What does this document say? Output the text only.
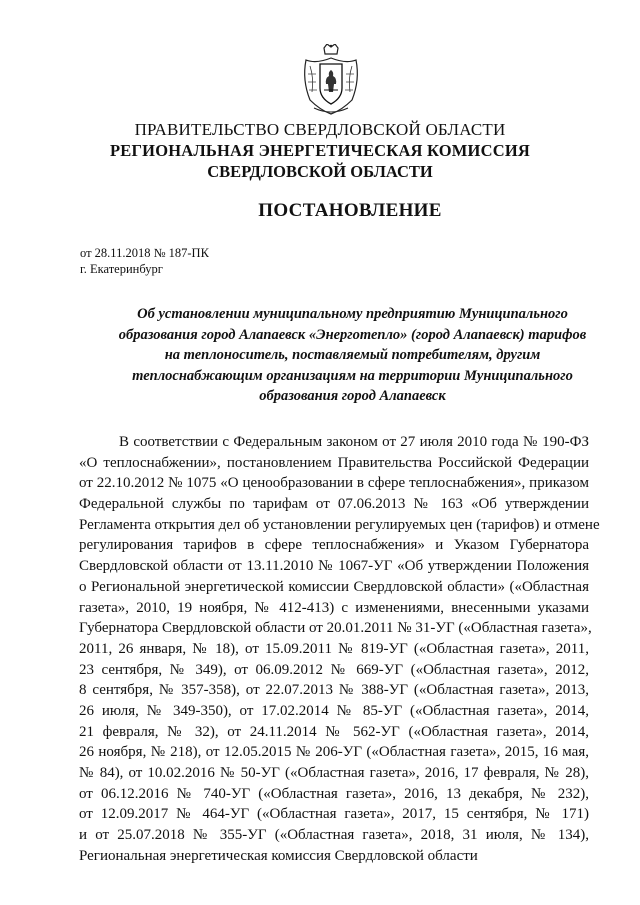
ПРАВИТЕЛЬСТВО СВЕРДЛОВСКОЙ ОБЛАСТИ
РЕГИОНАЛЬНАЯ ЭНЕРГЕТИЧЕСКАЯ КОМИССИЯ
СВЕРДЛОВСКОЙ ОБЛАСТИ
ПОСТАНОВЛЕНИЕ
от 28.11.2018 № 187-ПК
г. Екатеринбург
Об установлении муниципальному предприятию Муниципального
образования город Алапаевск «Энерготепло» (город Алапаевск) тарифов
на теплоноситель, поставляемый потребителям, другим
теплоснабжающим организациям на территории Муниципального
образования город Алапаевск
В соответствии с Федеральным законом от 27 июля 2010 года № 190-ФЗ
«О теплоснабжении», постановлением Правительства Российской Федерации
от 22.10.2012 № 1075 «О ценообразовании в сфере теплоснабжения», приказом
Федеральной службы по тарифам от 07.06.2013 № 163 «Об утверждении
Регламента открытия дел об установлении регулируемых цен (тарифов) и отмене
регулирования тарифов в сфере теплоснабжения» и Указом Губернатора
Свердловской области от 13.11.2010 № 1067-УГ «Об утверждении Положения
о Региональной энергетической комиссии Свердловской области» («Областная
газета», 2010, 19 ноября, № 412-413) с изменениями, внесенными указами
Губернатора Свердловской области от 20.01.2011 № 31-УГ («Областная газета»,
2011, 26 января, № 18), от 15.09.2011 № 819-УГ («Областная газета», 2011,
23 сентября, № 349), от 06.09.2012 № 669-УГ («Областная газета», 2012,
8 сентября, № 357-358), от 22.07.2013 № 388-УГ («Областная газета», 2013,
26 июля, № 349-350), от 17.02.2014 № 85-УГ («Областная газета», 2014,
21 февраля, № 32), от 24.11.2014 № 562-УГ («Областная газета», 2014,
26 ноября, № 218), от 12.05.2015 № 206-УГ («Областная газета», 2015, 16 мая,
№ 84), от 10.02.2016 № 50-УГ («Областная газета», 2016, 17 февраля, № 28),
от 06.12.2016 № 740-УГ («Областная газета», 2016, 13 декабря, № 232),
от 12.09.2017 № 464-УГ («Областная газета», 2017, 15 сентября, № 171)
и от 25.07.2018 № 355-УГ («Областная газета», 2018, 31 июля, № 134),
Региональная энергетическая комиссия Свердловской области
